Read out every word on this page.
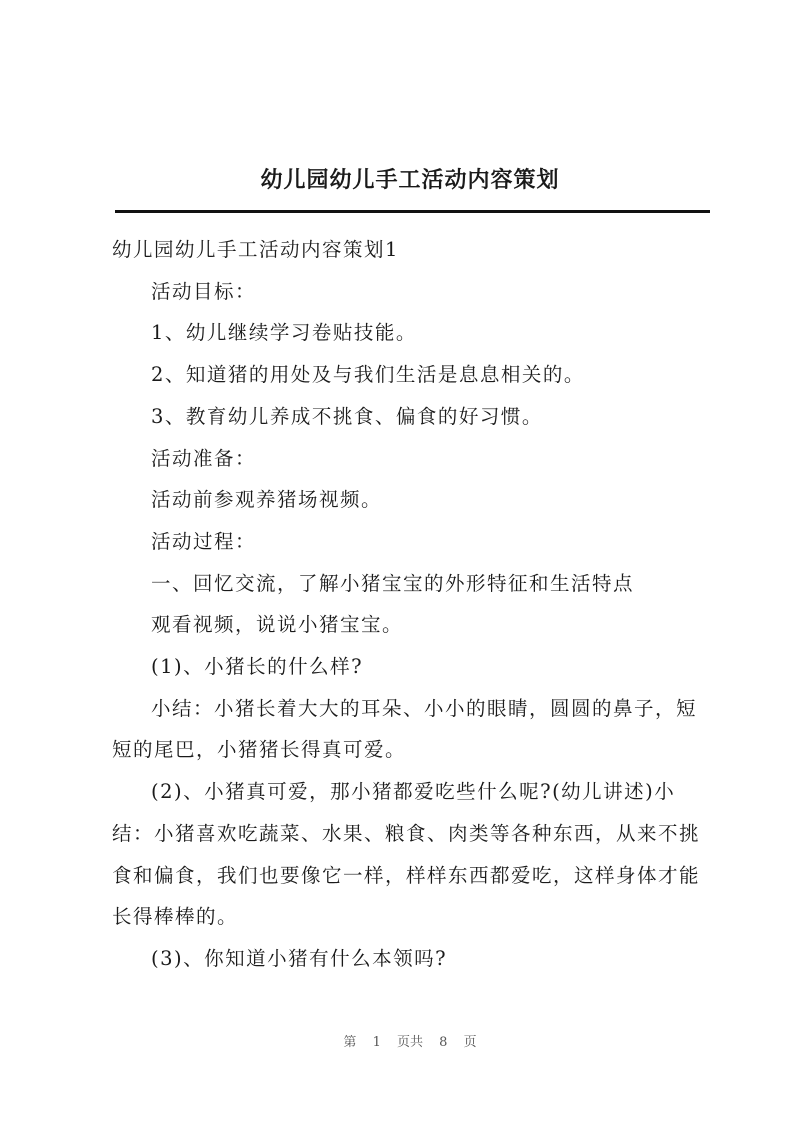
幼儿园幼儿手工活动内容策划

幼儿园幼儿手工活动内容策划1

活动目标：

1、幼儿继续学习卷贴技能。

2、知道猪的用处及与我们生活是息息相关的。

3、教育幼儿养成不挑食、偏食的好习惯。

活动准备：

活动前参观养猪场视频。

活动过程：

一、回忆交流，了解小猪宝宝的外形特征和生活特点

观看视频，说说小猪宝宝。

(1)、小猪长的什么样?

小结：小猪长着大大的耳朵、小小的眼睛，圆圆的鼻子，短短的尾巴，小猪猪长得真可爱。

(2)、小猪真可爱，那小猪都爱吃些什么呢?(幼儿讲述)小结：小猪喜欢吃蔬菜、水果、粮食、肉类等各种东西，从来不挑食和偏食，我们也要像它一样，样样东西都爱吃，这样身体才能长得棒棒的。

(3)、你知道小猪有什么本领吗?

第 1 页共 8 页
